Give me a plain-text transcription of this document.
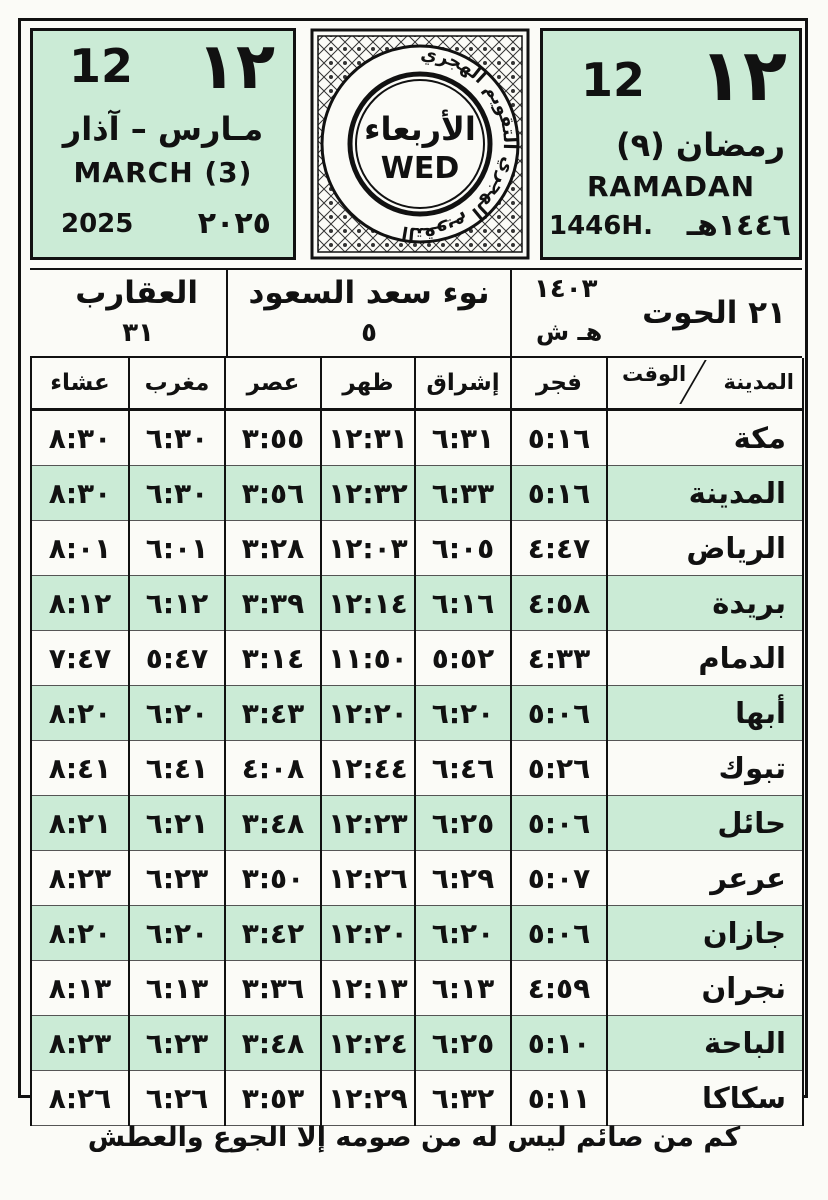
12 ١٢
مـارس – آذار
MARCH (3)
2025 ٢٠٢٥
التقويم الهجري التقويم الهجري
الأربعاء
WED
12 ١٢
رمضان (٩)
RAMADAN
1446H. ١٤٤٦هـ
العقارب
٣١
نوء سعد السعود
٥
١٤٠٣
هـ ش
٢١ الحوت
المدينة
الوقت	فجر	إشراق	ظهر	عصر	مغرب	عشاء
مكة	٥:١٦	٦:٣١	١٢:٣١	٣:٥٥	٦:٣٠	٨:٣٠
المدينة	٥:١٦	٦:٣٣	١٢:٣٢	٣:٥٦	٦:٣٠	٨:٣٠
الرياض	٤:٤٧	٦:٠٥	١٢:٠٣	٣:٢٨	٦:٠١	٨:٠١
بريدة	٤:٥٨	٦:١٦	١٢:١٤	٣:٣٩	٦:١٢	٨:١٢
الدمام	٤:٣٣	٥:٥٢	١١:٥٠	٣:١٤	٥:٤٧	٧:٤٧
أبها	٥:٠٦	٦:٢٠	١٢:٢٠	٣:٤٣	٦:٢٠	٨:٢٠
تبوك	٥:٢٦	٦:٤٦	١٢:٤٤	٤:٠٨	٦:٤١	٨:٤١
حائل	٥:٠٦	٦:٢٥	١٢:٢٣	٣:٤٨	٦:٢١	٨:٢١
عرعر	٥:٠٧	٦:٢٩	١٢:٢٦	٣:٥٠	٦:٢٣	٨:٢٣
جازان	٥:٠٦	٦:٢٠	١٢:٢٠	٣:٤٢	٦:٢٠	٨:٢٠
نجران	٤:٥٩	٦:١٣	١٢:١٣	٣:٣٦	٦:١٣	٨:١٣
الباحة	٥:١٠	٦:٢٥	١٢:٢٤	٣:٤٨	٦:٢٣	٨:٢٣
سكاكا	٥:١١	٦:٣٢	١٢:٢٩	٣:٥٣	٦:٢٦	٨:٢٦
كم من صائم ليس له من صومه إلا الجوع والعطش
